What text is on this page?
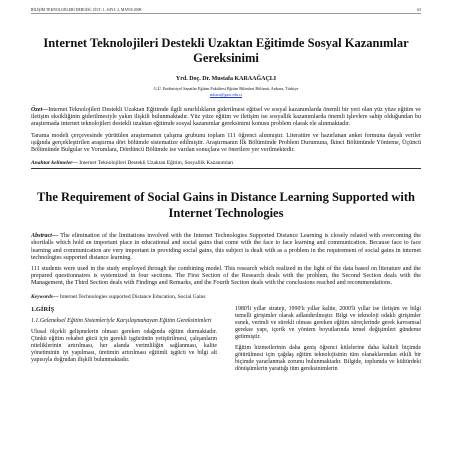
BİLİŞİM TEKNOLOJİLERİ DERGİSİ, CİLT: 1, SAYI: 2, MAYIS 2008	63
Internet Teknolojileri Destekli Uzaktan Eğitimde Sosyal Kazanımlar Gereksinimi
Yrd. Doç. Dr. Mustafa KARAAĞAÇLI
G.Ü. Endüstriyel Sanatlar Eğitim Fakültesi Eğitim Bilimleri Bölümü, Ankara, Türkiye
mkara@gazi.edu.tr

Özet—Internet Teknolojileri Destekli Uzaktan Eğitimde ilgili sınırlılıkların giderilmesi eğitsel ve sosyal kazanımlarda önemli bir yeri olan yüz yüze eğitim ve iletişim eksikliğinin giderilmesiyle yakın ilişkili bulunmaktadır. Yüz yüze eğitim ve iletişim ise sosyallik kazanımlarda önemli işlevlere sahip olduğundan bu araştırmada internet teknolojileri destekli uzaktan eğitimde sosyal kazanımlar gereksinimi konusu problem olarak ele alınmaktadır.

Tarama modeli çerçevesinde yürütülen araştırmanın çalışma grubunu toplam 111 öğrenci alınmıştır. Literatüre ve hazırlanan anket formuna dayalı veriler ışığında gerçekleştirilen araştırma dört bölümde sistematize edilmiştir. Araştırmanın İlk Bölümünde Problem Durumuna, İkinci Bölümünde Yönteme, Üçüncü Bölümünde Bulgular ve Yorumlara, Dördüncü Bölümde ise varılan sonuçlara ve önerilere yer verilmektedir.

Anahtar kelimeler— Internet Teknolojileri Destekli Uzaktan Eğitim, Sosyallik Kazanımları
The Requirement of Social Gains in Distance Learning Supported with Internet Technologies

Abstract— The elimination of the limitations involved with the Internet Technologies Supported Distance Learning is closely related with overcoming the shortfalls which hold an important place in educational and social gains that come with the face to face learning and communication. Because face to face learning and communication are very important in providing social gains, this subject is dealt with as a problem in the requirement of social gains in internet technologies supported distance learning.

111 students were used in the study employed through the combining model. This research which realized in the light of the data based on literature and the prepared questionnaires is systemized in four sections. The First Section of the Research deals with the problem, the Second Section deals with the Management, the Third Section deals with Findings and Remarks, and the Fourth Section deals with the conclusions reached and recommendations.

Keywords— Internet Technologies supported Distance Education, Social Gains
1.GİRİŞ
1.1.Geleneksel Eğitim Sistemleriyle Karşılaşmanayan Eğitim Gereksinimleri

Ulusal ölçekli gelişmelerin olmazı gereken odağında eğitim durmaktadır. Çünkü eğitim rekabet gücü için gerekli işgücünün yetiştirilmesi, çalışanların niteliklerinin artırılması, her alanda verimliliğin sağlanması, kalite yönetiminin iyi yapılması, üretimin artırılması eğitimli işgücü ve bilgi alt yapısıyla doğrudan ilişkili bulunmaktadır.

1980'li yıllar stratejı, 1990'lı yıllar kalite, 2000'li yıllar ise iletişim ve bilgi temelli girişimler olarak adlandırılmıştır. Bilgi ve teknoloji odaklı girişimler esnek, verimli ve sürekli olması gereken eğitim süreçlerinde gerek kavramsal gerekse yapı, içerik ve yöntem boyutlarında temel değişimleri gündeme getirmiştir.

Eğitim hizmetlerinin daha geniş öğrenci kitlelerine daha kaliteli biçimde götürülmesi için çağdaş eğitim teknolojisinin tüm olanaklarından etkili bir biçimde yararlanmak zorunu bulunmaktadır. Bilgide, toplumda ve kültürdeki dönüşümlerin yarattığı tüm gereksinimlerin
